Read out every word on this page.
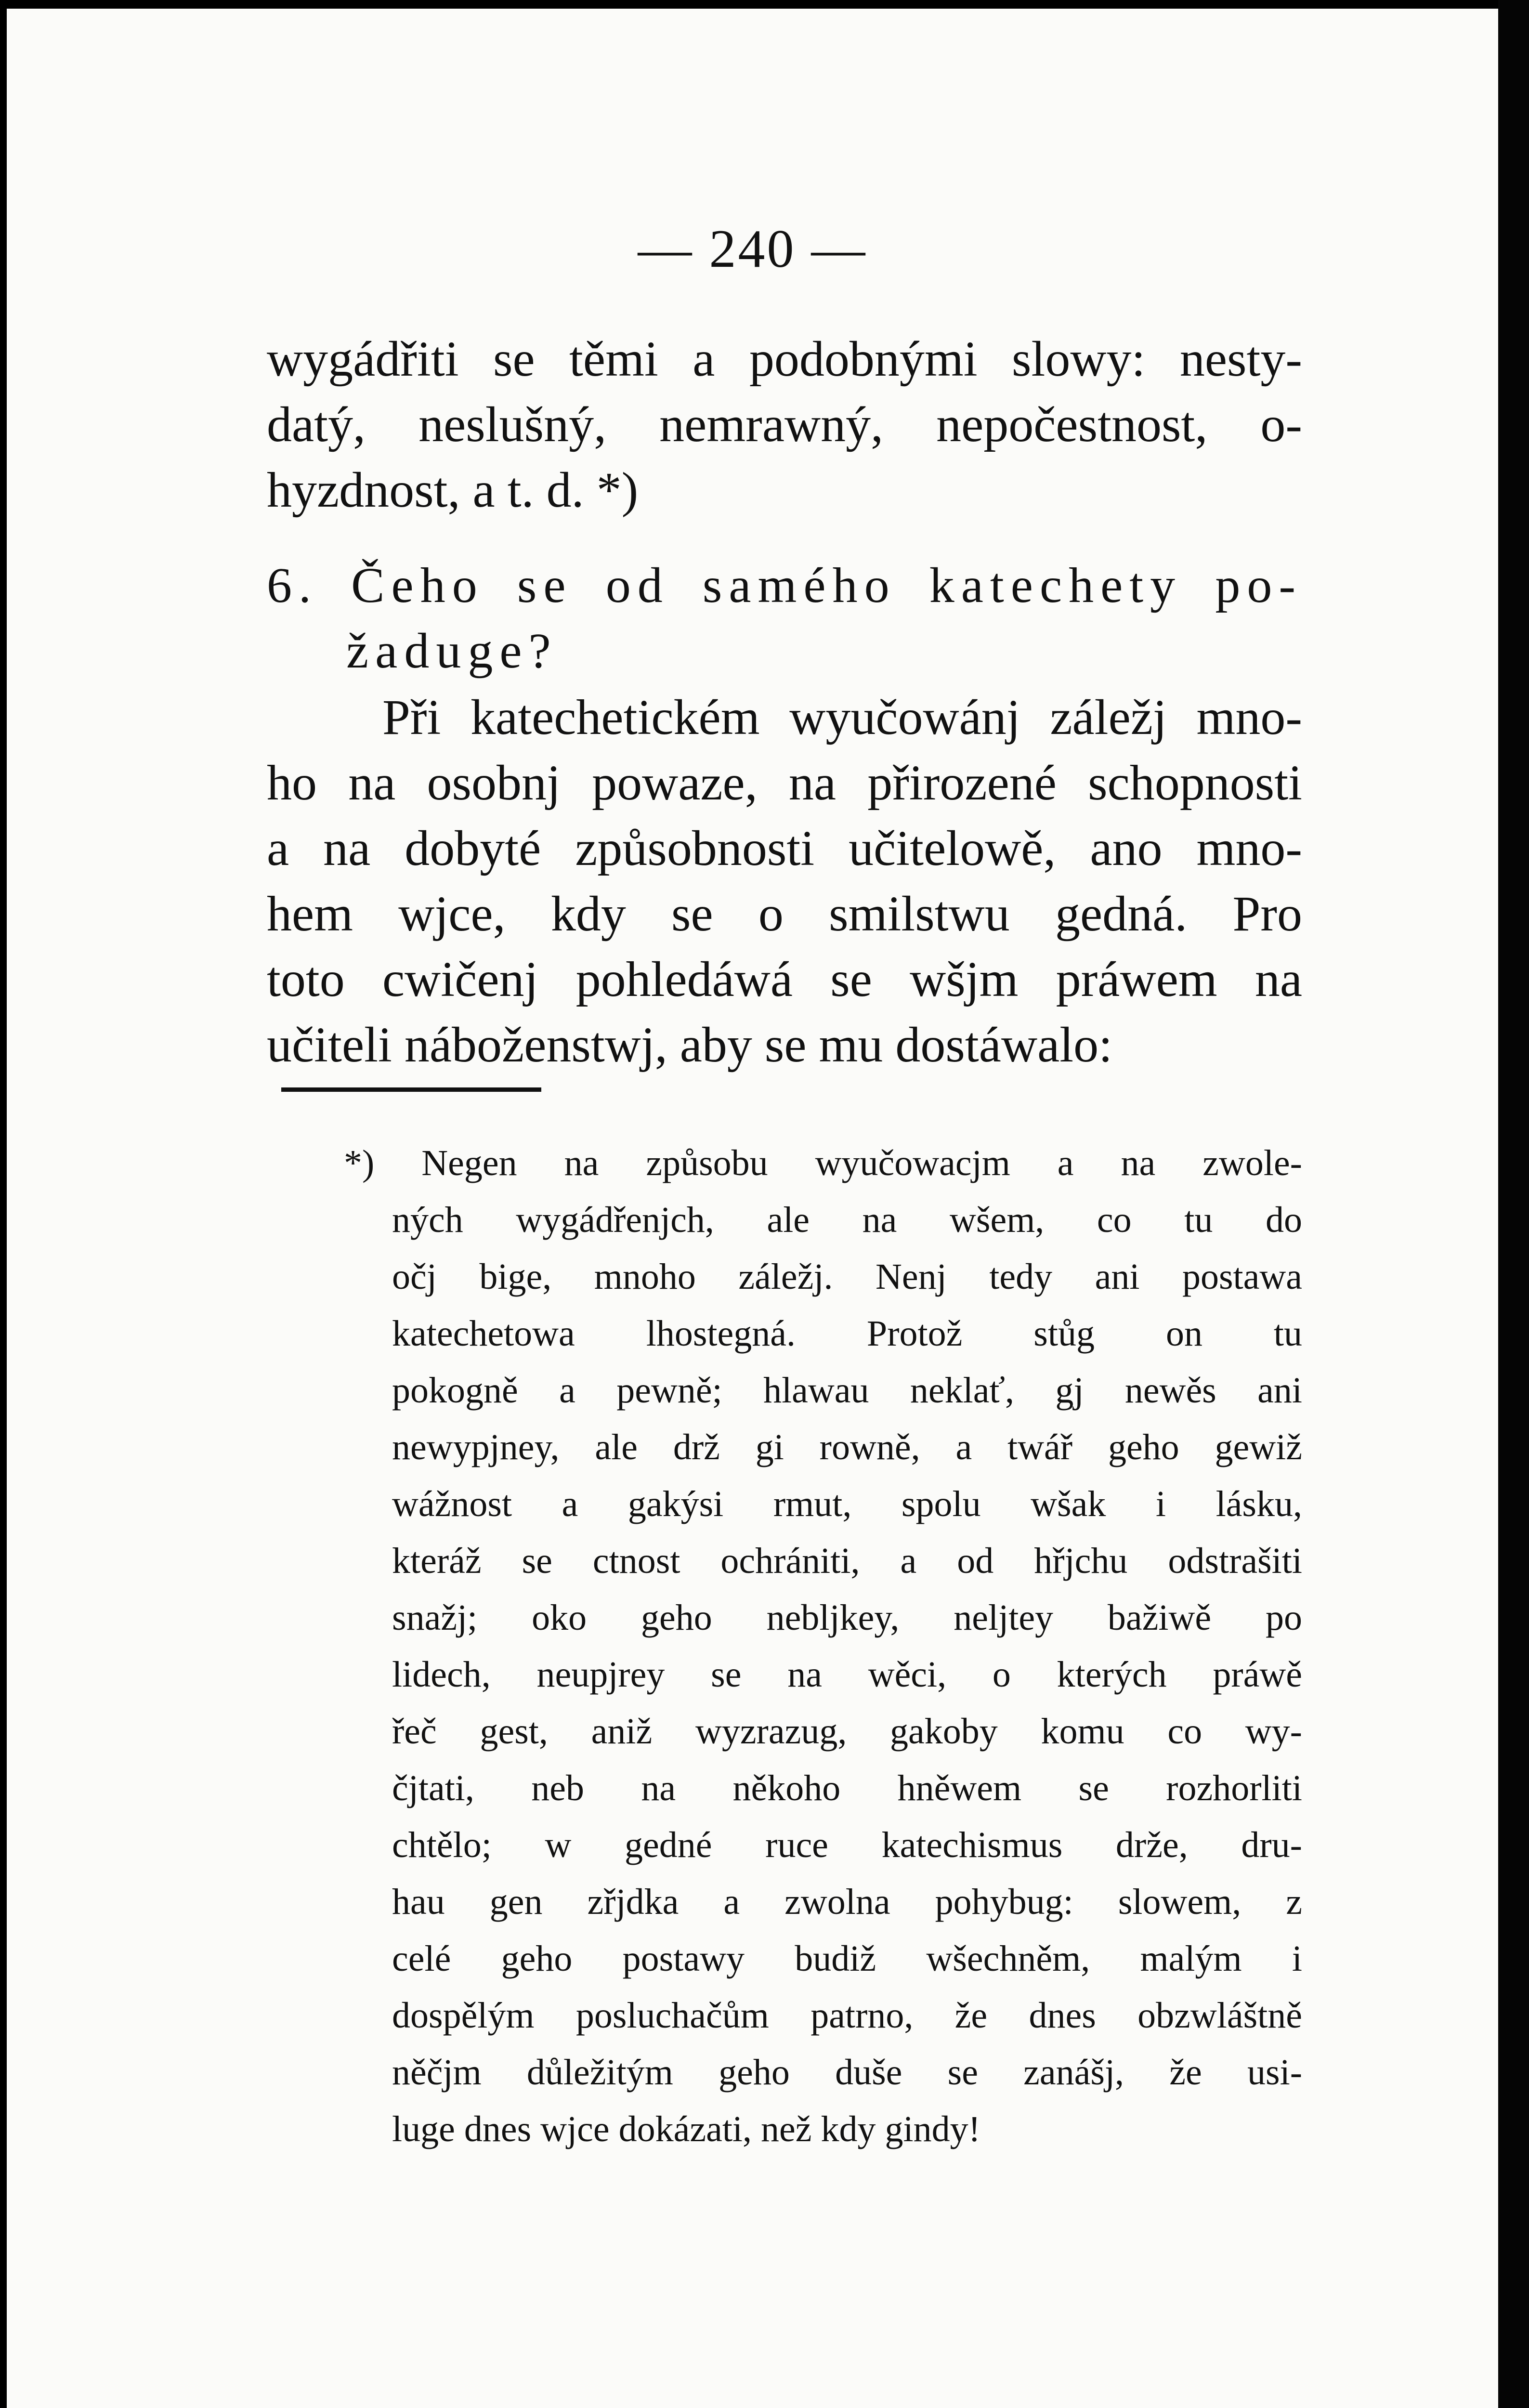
— 240 —
wygádřiti se těmi a podobnými slowy: nesty-
datý, neslušný, nemrawný, nepočestnost, o-
hyzdnost, a t. d. *)
6. Čeho se od samého katechety po-
žaduge?
Při katechetickém wyučowánj záležj mno-
ho na osobnj powaze, na přirozené schopnosti
a na dobyté způsobnosti učitelowě, ano mno-
hem wjce, kdy se o smilstwu gedná. Pro
toto cwičenj pohledáwá se wšjm práwem na
učiteli náboženstwj, aby se mu dostáwalo:
*) Negen na způsobu wyučowacjm a na zwole-
ných wygádřenjch, ale na wšem, co tu do
očj bige, mnoho záležj. Nenj tedy ani postawa
katechetowa lhostegná. Protož stůg on tu
pokogně a pewně; hlawau neklať, gj newěs ani
newypjney, ale drž gi rowně, a twář geho gewiž
wážnost a gakýsi rmut, spolu wšak i lásku,
kteráž se ctnost ochrániti, a od hřjchu odstrašiti
snažj; oko geho nebljkey, neljtey bažiwě po
lidech, neupjrey se na wěci, o kterých práwě
řeč gest, aniž wyzrazug, gakoby komu co wy-
čjtati, neb na někoho hněwem se rozhorliti
chtělo; w gedné ruce katechismus drže, dru-
hau gen zřjdka a zwolna pohybug: slowem, z
celé geho postawy budiž wšechněm, malým i
dospělým posluchačům patrno, že dnes obzwláštně
něčjm důležitým geho duše se zanášj, že usi-
luge dnes wjce dokázati, než kdy gindy!
